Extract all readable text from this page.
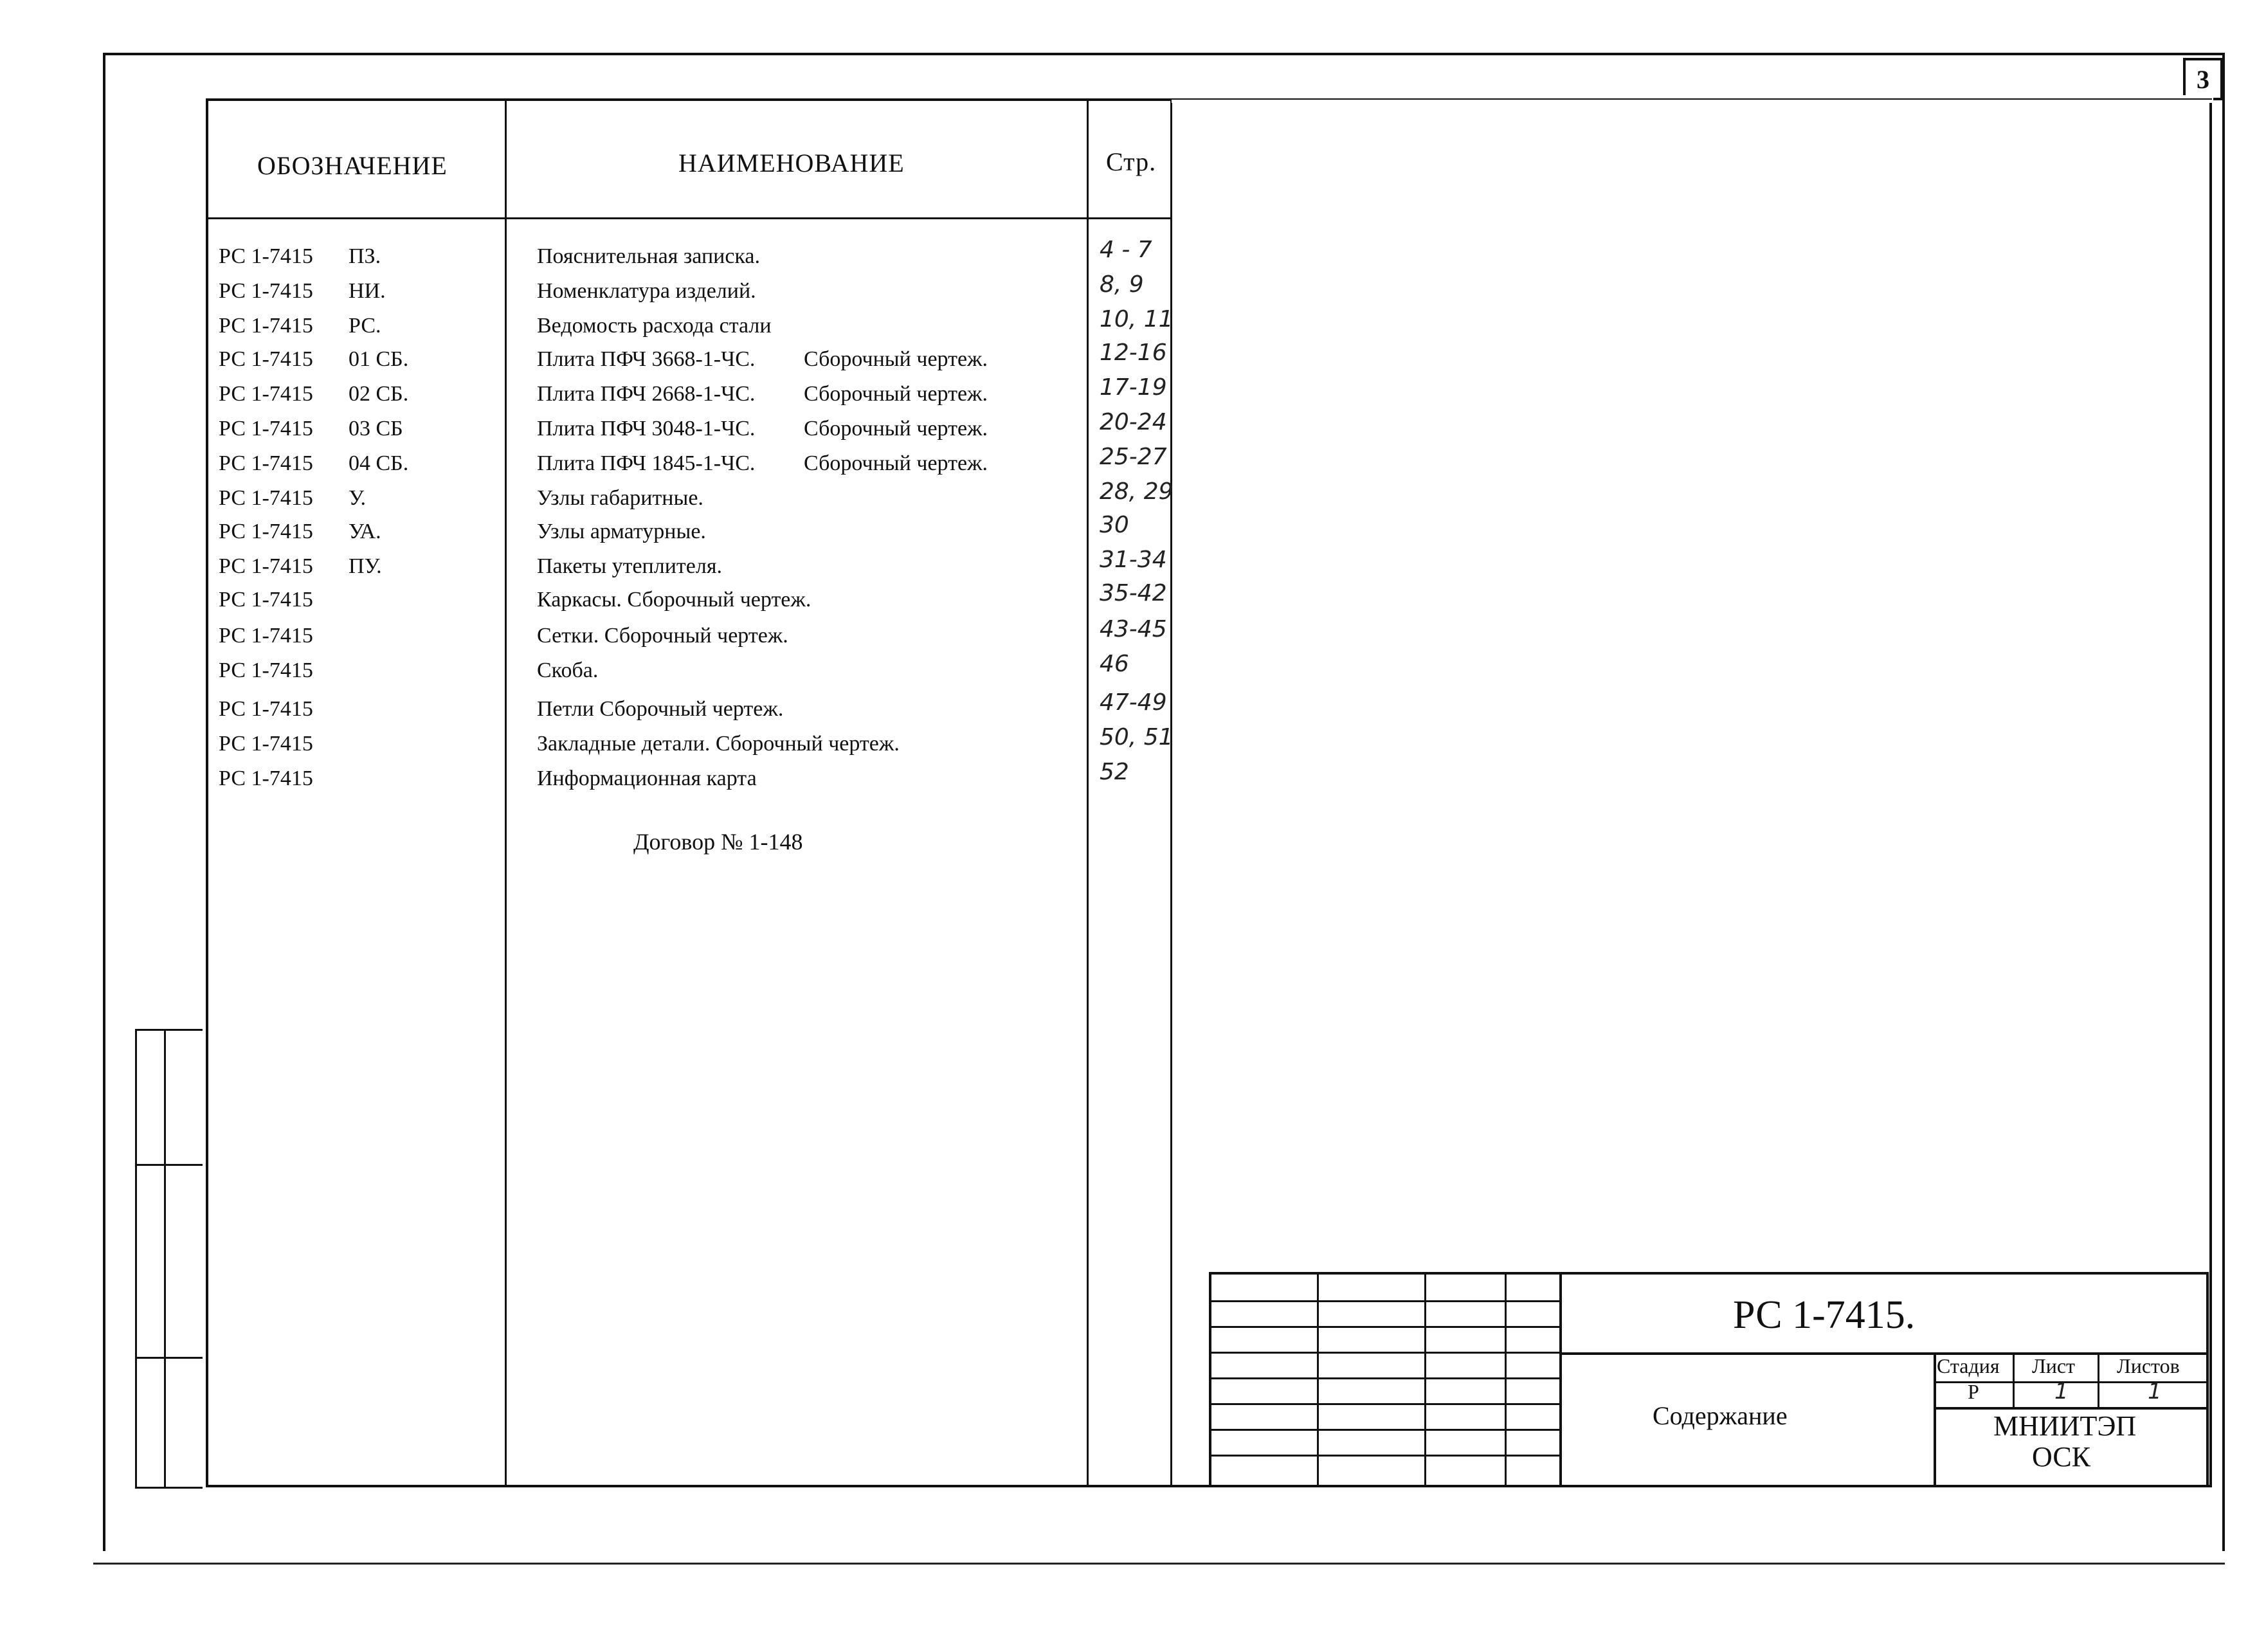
3
ОБОЗНАЧЕНИЕ	НАИМЕНОВАНИЕ	Стр.
РС 1-7415 ПЗ.	Пояснительная записка.	4 - 7
РС 1-7415 НИ.	Номенклатура изделий.	8, 9
РС 1-7415 РС.	Ведомость расхода стали	10, 11
РС 1-7415 01 СБ.	Плита ПФЧ 3668-1-ЧС. Сборочный чертеж.	12-16
РС 1-7415 02 СБ.	Плита ПФЧ 2668-1-ЧС. Сборочный чертеж.	17-19
РС 1-7415 03 СБ	Плита ПФЧ 3048-1-ЧС. Сборочный чертеж.	20-24
РС 1-7415 04 СБ.	Плита ПФЧ 1845-1-ЧС. Сборочный чертеж.	25-27
РС 1-7415 У.	Узлы габаритные.	28, 29
РС 1-7415 УА.	Узлы арматурные.	30
РС 1-7415 ПУ.	Пакеты утеплителя.	31-34
РС 1-7415	Каркасы. Сборочный чертеж.	35-42
РС 1-7415	Сетки. Сборочный чертеж.	43-45
РС 1-7415	Скоба.	46
РС 1-7415	Петли Сборочный чертеж.	47-49
РС 1-7415	Закладные детали. Сборочный чертеж.	50, 51
РС 1-7415	Информационная карта	52
Договор № 1-148
РС 1-7415.
Содержание
Стадия Лист Листов
Р	1	1
МНИИТЭП
ОСК
